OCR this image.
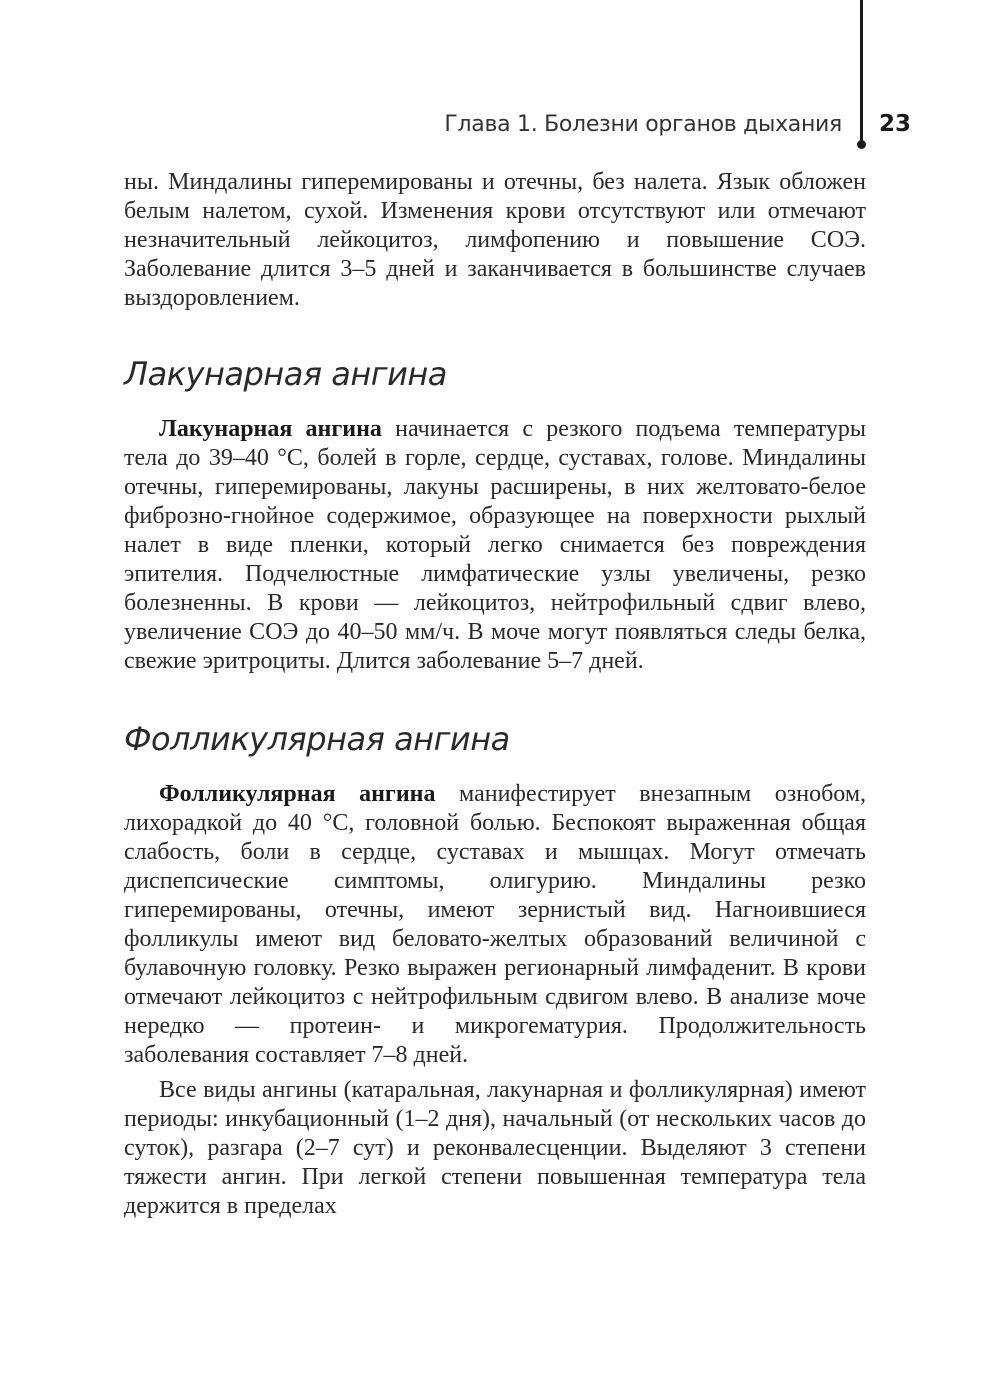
Глава 1. Болезни органов дыхания 23

ны. Миндалины гиперемированы и отечны, без налета. Язык обложен белым налетом, сухой. Изменения крови отсутствуют или отмечают незначительный лейкоцитоз, лимфопению и повышение СОЭ. Заболевание длится 3–5 дней и заканчивается в большинстве случаев выздоровлением.

Лакунарная ангина

Лакунарная ангина начинается с резкого подъема температуры тела до 39–40 °С, болей в горле, сердце, суставах, голове. Миндалины отечны, гиперемированы, лакуны расширены, в них желтовато-белое фиброзно-гнойное содержимое, образующее на поверхности рыхлый налет в виде пленки, который легко снимается без повреждения эпителия. Подчелюстные лимфатические узлы увеличены, резко болезненны. В крови — лейкоцитоз, нейтрофильный сдвиг влево, увеличение СОЭ до 40–50 мм/ч. В моче могут появляться следы белка, свежие эритроциты. Длится заболевание 5–7 дней.

Фолликулярная ангина

Фолликулярная ангина манифестирует внезапным ознобом, лихорадкой до 40 °С, головной болью. Беспокоят выраженная общая слабость, боли в сердце, суставах и мышцах. Могут отмечать диспепсические симптомы, олигурию. Миндалины резко гиперемированы, отечны, имеют зернистый вид. Нагноившиеся фолликулы имеют вид беловато-желтых образований величиной с булавочную головку. Резко выражен регионарный лимфаденит. В крови отмечают лейкоцитоз с нейтрофильным сдвигом влево. В анализе моче нередко — протеин- и микрогематурия. Продолжительность заболевания составляет 7–8 дней.

Все виды ангины (катаральная, лакунарная и фолликулярная) имеют периоды: инкубационный (1–2 дня), начальный (от нескольких часов до суток), разгара (2–7 сут) и реконвалесценции. Выделяют 3 степени тяжести ангин. При легкой степени повышенная температура тела держится в пределах
